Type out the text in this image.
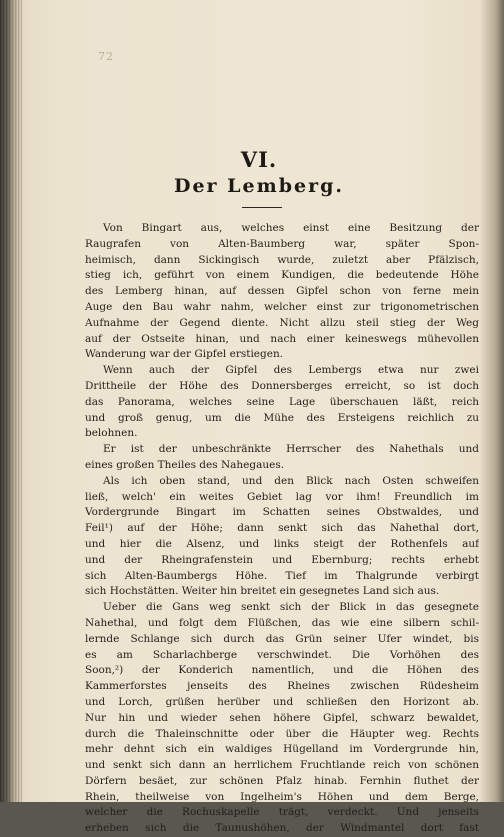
72
VI.
Der Lemberg.
Von Bingart aus, welches einst eine Besitzung der
Raugrafen von Alten-Baumberg war, später Spon-
heimisch, dann Sickingisch wurde, zuletzt aber Pfälzisch,
stieg ich, geführt von einem Kundigen, die bedeutende Höhe
des Lemberg hinan, auf dessen Gipfel schon von ferne mein
Auge den Bau wahr nahm, welcher einst zur trigonometrischen
Aufnahme der Gegend diente. Nicht allzu steil stieg der Weg
auf der Ostseite hinan, und nach einer keineswegs mühevollen
Wanderung war der Gipfel erstiegen.
Wenn auch der Gipfel des Lembergs etwa nur zwei
Drittheile der Höhe des Donnersberges erreicht, so ist doch
das Panorama, welches seine Lage überschauen läßt, reich
und groß genug, um die Mühe des Ersteigens reichlich zu
belohnen.
Er ist der unbeschränkte Herrscher des Nahethals und
eines großen Theiles des Nahegaues.
Als ich oben stand, und den Blick nach Osten schweifen
ließ, welch' ein weites Gebiet lag vor ihm! Freundlich im
Vordergrunde Bingart im Schatten seines Obstwaldes, und
Feil¹) auf der Höhe; dann senkt sich das Nahethal dort,
und hier die Alsenz, und links steigt der Rothenfels auf
und der Rheingrafenstein und Ebernburg; rechts erhebt
sich Alten-Baumbergs Höhe. Tief im Thalgrunde verbirgt
sich Hochstätten. Weiter hin breitet ein gesegnetes Land sich aus.
Ueber die Gans weg senkt sich der Blick in das gesegnete
Nahethal, und folgt dem Flüßchen, das wie eine silbern schil-
lernde Schlange sich durch das Grün seiner Ufer windet, bis
es am Scharlachberge verschwindet. Die Vorhöhen des
Soon,²) der Konderich namentlich, und die Höhen des
Kammerforstes jenseits des Rheines zwischen Rüdesheim
und Lorch, grüßen herüber und schließen den Horizont ab.
Nur hin und wieder sehen höhere Gipfel, schwarz bewaldet,
durch die Thaleinschnitte oder über die Häupter weg. Rechts
mehr dehnt sich ein waldiges Hügelland im Vordergrunde hin,
und senkt sich dann an herrlichem Fruchtlande reich von schönen
Dörfern besäet, zur schönen Pfalz hinab. Fernhin fluthet der
Rhein, theilweise von Ingelheim's Höhen und dem Berge,
welcher die Rochuskapelle trägt, verdeckt. Und jenseits
erheben sich die Taunushöhen, der Windmantel dort fast
